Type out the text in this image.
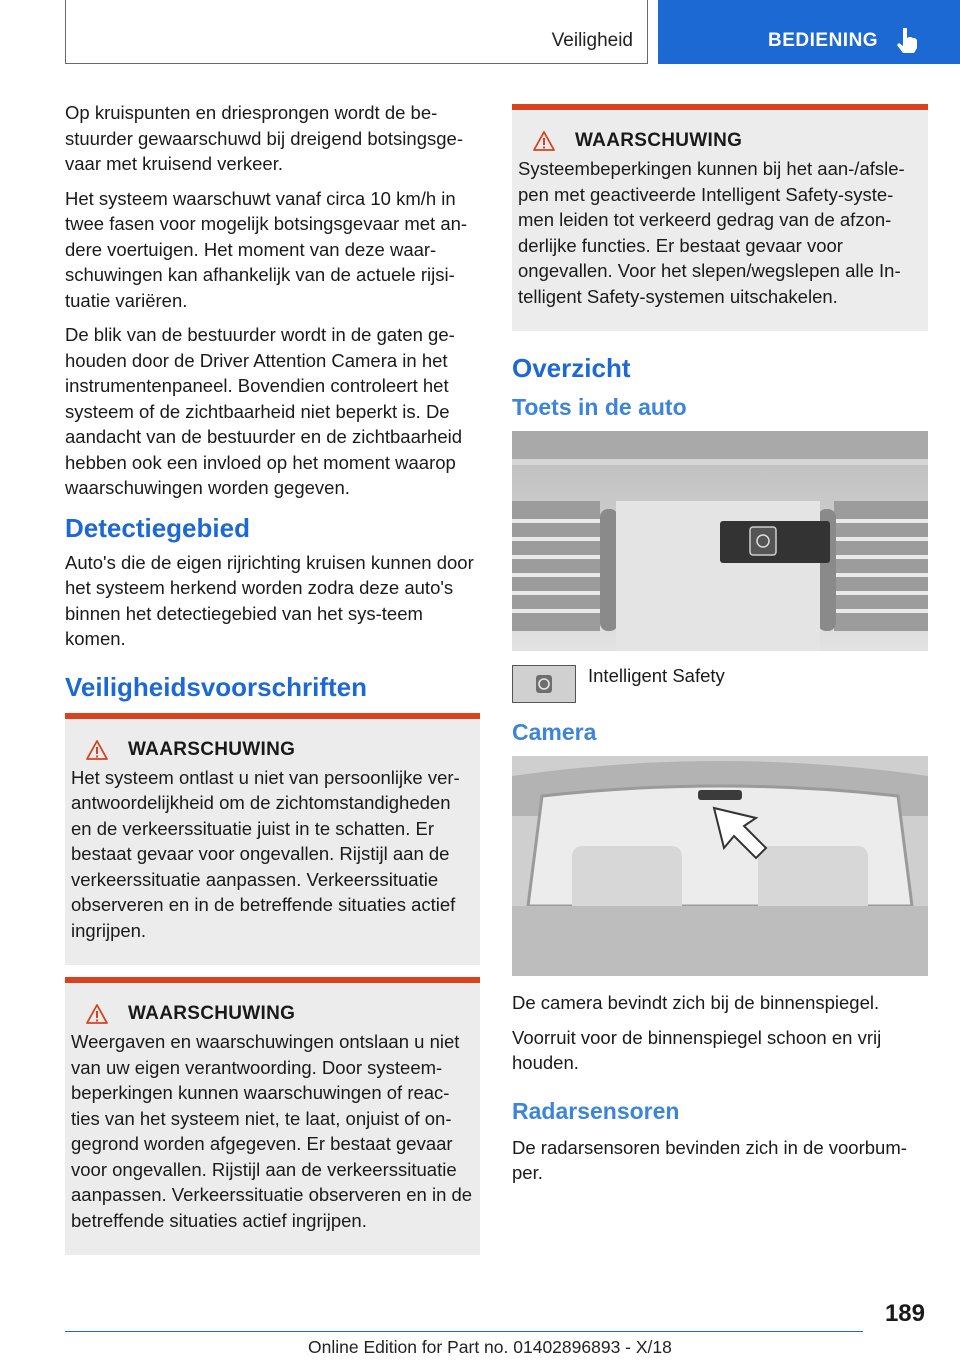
Veiligheid	BEDIENING

Op kruispunten en driesprongen wordt de be-stuurder gewaarschuwd bij dreigend botsingsge-vaar met kruisend verkeer.

Het systeem waarschuwt vanaf circa 10 km/h in twee fasen voor mogelijk botsingsgevaar met an-dere voertuigen. Het moment van deze waar-schuwingen kan afhankelijk van de actuele rijsi-tuatie variëren.

De blik van de bestuurder wordt in de gaten ge-houden door de Driver Attention Camera in het instrumentenpaneel. Bovendien controleert het systeem of de zichtbaarheid niet beperkt is. De aandacht van de bestuurder en de zichtbaarheid hebben ook een invloed op het moment waarop waarschuwingen worden gegeven.

Detectiegebied

Auto's die de eigen rijrichting kruisen kunnen door het systeem herkend worden zodra deze auto's binnen het detectiegebied van het sys-teem komen.

Veiligheidsvoorschriften
WAARSCHUWING

Het systeem ontlast u niet van persoonlijke ver-antwoordelijkheid om de zichtomstandigheden en de verkeerssituatie juist in te schatten. Er bestaat gevaar voor ongevallen. Rijstijl aan de verkeerssituatie aanpassen. Verkeerssituatie observeren en in de betreffende situaties actief ingrijpen.

WAARSCHUWING

Weergaven en waarschuwingen ontslaan u niet van uw eigen verantwoording. Door systeem-beperkingen kunnen waarschuwingen of reac-ties van het systeem niet, te laat, onjuist of on-gegrond worden afgegeven. Er bestaat gevaar voor ongevallen. Rijstijl aan de verkeerssituatie aanpassen. Verkeerssituatie observeren en in de betreffende situaties actief ingrijpen.

WAARSCHUWING

Systeembeperkingen kunnen bij het aan-/afsle-pen met geactiveerde Intelligent Safety-syste-men leiden tot verkeerd gedrag van de afzon-derlijke functies. Er bestaat gevaar voor ongevallen. Voor het slepen/wegslepen alle In-telligent Safety-systemen uitschakelen.

Overzicht
Toets in de auto
Intelligent Safety
Camera

De camera bevindt zich bij de binnenspiegel.

Voorruit voor de binnenspiegel schoon en vrij houden.

Radarsensoren

De radarsensoren bevinden zich in de voorbum-per.

189
Online Edition for Part no. 01402896893 - X/18
